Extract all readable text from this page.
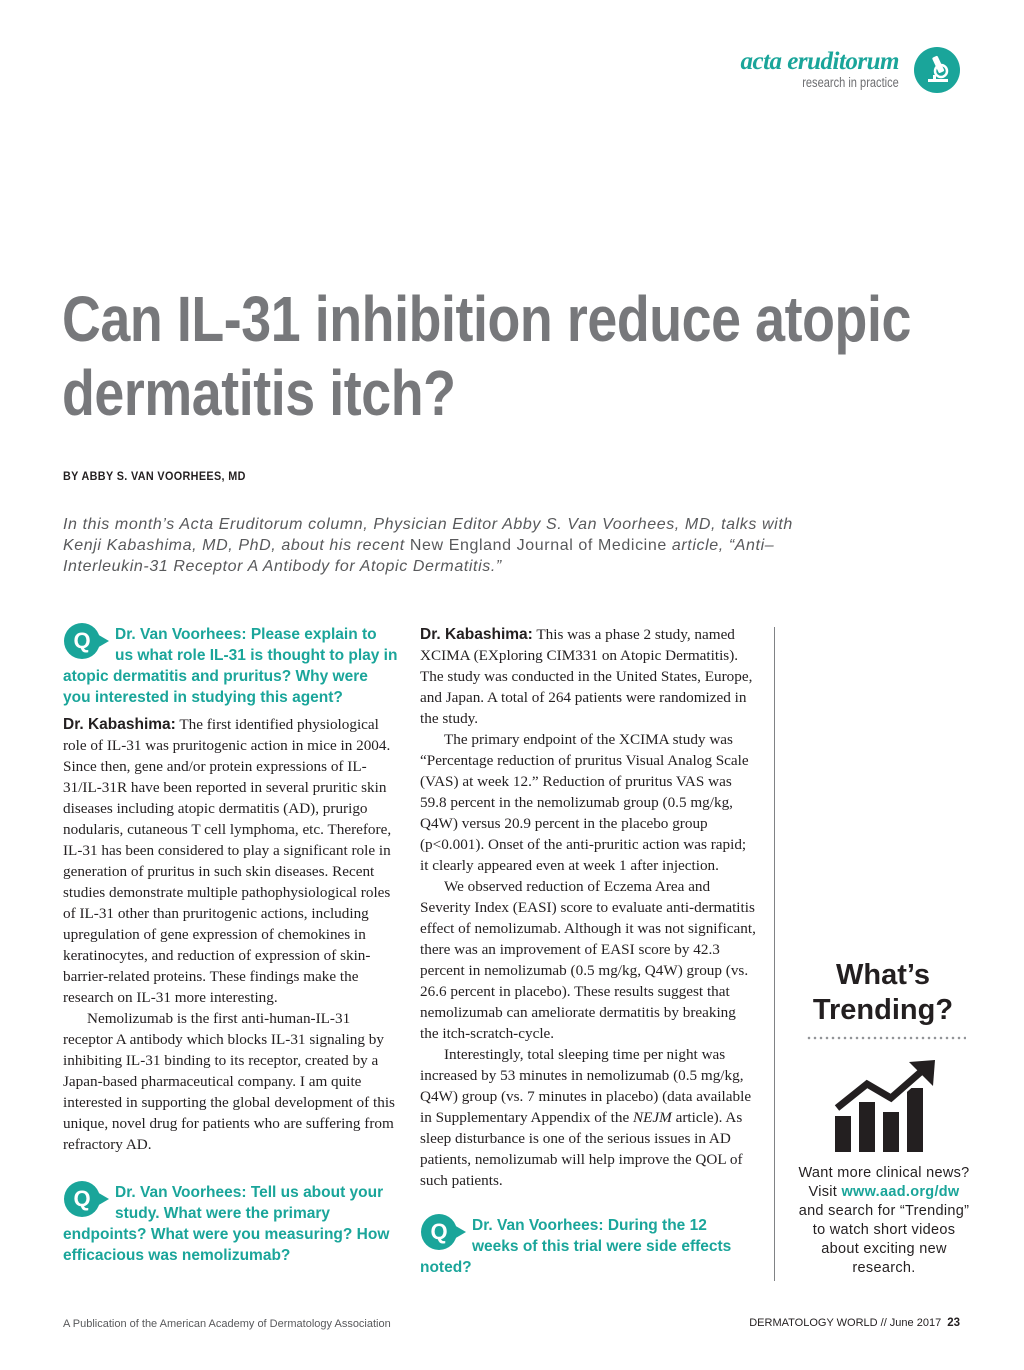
acta eruditorum
research in practice
Can IL-31 inhibition reduce atopic
dermatitis itch?
BY ABBY S. VAN VOORHEES, MD
In this month’s Acta Eruditorum column, Physician Editor Abby S. Van Voorhees, MD, talks with Kenji Kabashima, MD, PhD, about his recent New England Journal of Medicine article, “Anti–Interleukin-31 Receptor A Antibody for Atopic Dermatitis.”
Q Dr. Van Voorhees: Please explain to us what role IL-31 is thought to play in atopic dermatitis and pruritus? Why were you interested in studying this agent?

Dr. Kabashima: The first identified physiological role of IL-31 was pruritogenic action in mice in 2004. Since then, gene and/or protein expressions of IL-31/IL-31R have been reported in several pruritic skin diseases including atopic dermatitis (AD), prurigo nodularis, cutaneous T cell lymphoma, etc. Therefore, IL-31 has been considered to play a significant role in generation of pruritus in such skin diseases. Recent studies demonstrate multiple pathophysiological roles of IL-31 other than pruritogenic actions, including upregulation of gene expression of chemokines in keratinocytes, and reduction of expression of skin-barrier-related proteins. These findings make the research on IL-31 more interesting.

Nemolizumab is the first anti-human-IL-31 receptor A antibody which blocks IL-31 signaling by inhibiting IL-31 binding to its receptor, created by a Japan-based pharmaceutical company. I am quite interested in supporting the global development of this unique, novel drug for patients who are suffering from refractory AD.

Q Dr. Van Voorhees: Tell us about your study. What were the primary endpoints? What were you measuring? How efficacious was nemolizumab?

Dr. Kabashima: This was a phase 2 study, named XCIMA (EXploring CIM331 on Atopic Dermatitis). The study was conducted in the United States, Europe, and Japan. A total of 264 patients were randomized in the study.

The primary endpoint of the XCIMA study was “Percentage reduction of pruritus Visual Analog Scale (VAS) at week 12.” Reduction of pruritus VAS was 59.8 percent in the nemolizumab group (0.5 mg/kg, Q4W) versus 20.9 percent in the placebo group (p<0.001). Onset of the anti-pruritic action was rapid; it clearly appeared even at week 1 after injection.

We observed reduction of Eczema Area and Severity Index (EASI) score to evaluate anti-dermatitis effect of nemolizumab. Although it was not significant, there was an improvement of EASI score by 42.3 percent in nemolizumab (0.5 mg/kg, Q4W) group (vs. 26.6 percent in placebo). These results suggest that nemolizumab can ameliorate dermatitis by breaking the itch-scratch-cycle.

Interestingly, total sleeping time per night was increased by 53 minutes in nemolizumab (0.5 mg/kg, Q4W) group (vs. 7 minutes in placebo) (data available in Supplementary Appendix of the NEJM article). As sleep disturbance is one of the serious issues in AD patients, nemolizumab will help improve the QOL of such patients.

Q Dr. Van Voorhees: During the 12 weeks of this trial were side effects noted?
What’s Trending?
Want more clinical news? Visit www.aad.org/dw and search for “Trending” to watch short videos about exciting new research.
A Publication of the American Academy of Dermatology Association	DERMATOLOGY WORLD // June 2017 23
